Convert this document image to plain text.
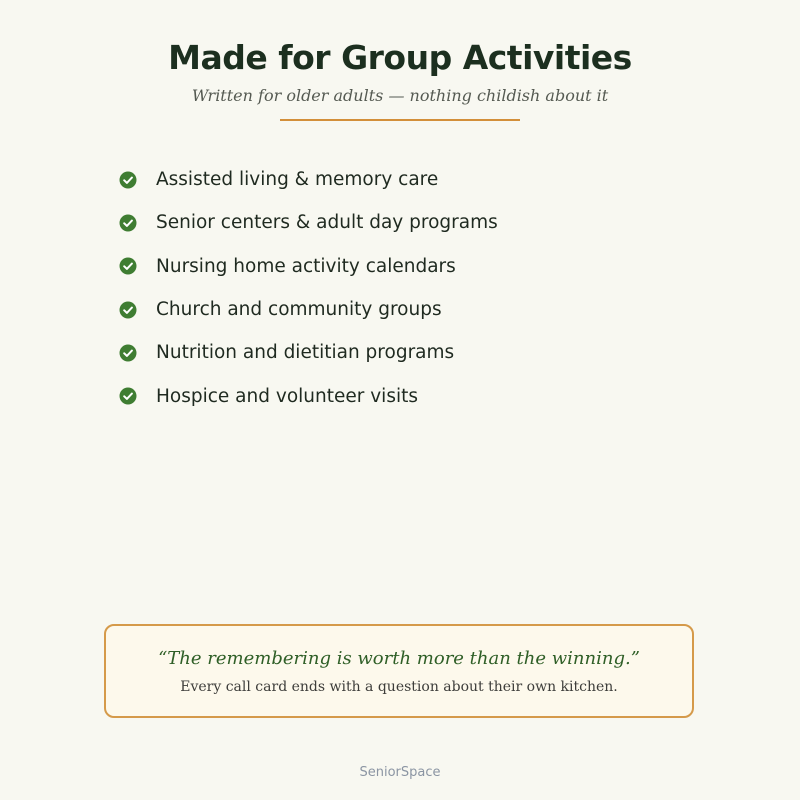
Made for Group Activities
Written for older adults — nothing childish about it
Assisted living & memory care
Senior centers & adult day programs
Nursing home activity calendars
Church and community groups
Nutrition and dietitian programs
Hospice and volunteer visits
“The remembering is worth more than the winning.”
Every call card ends with a question about their own kitchen.
SeniorSpace
